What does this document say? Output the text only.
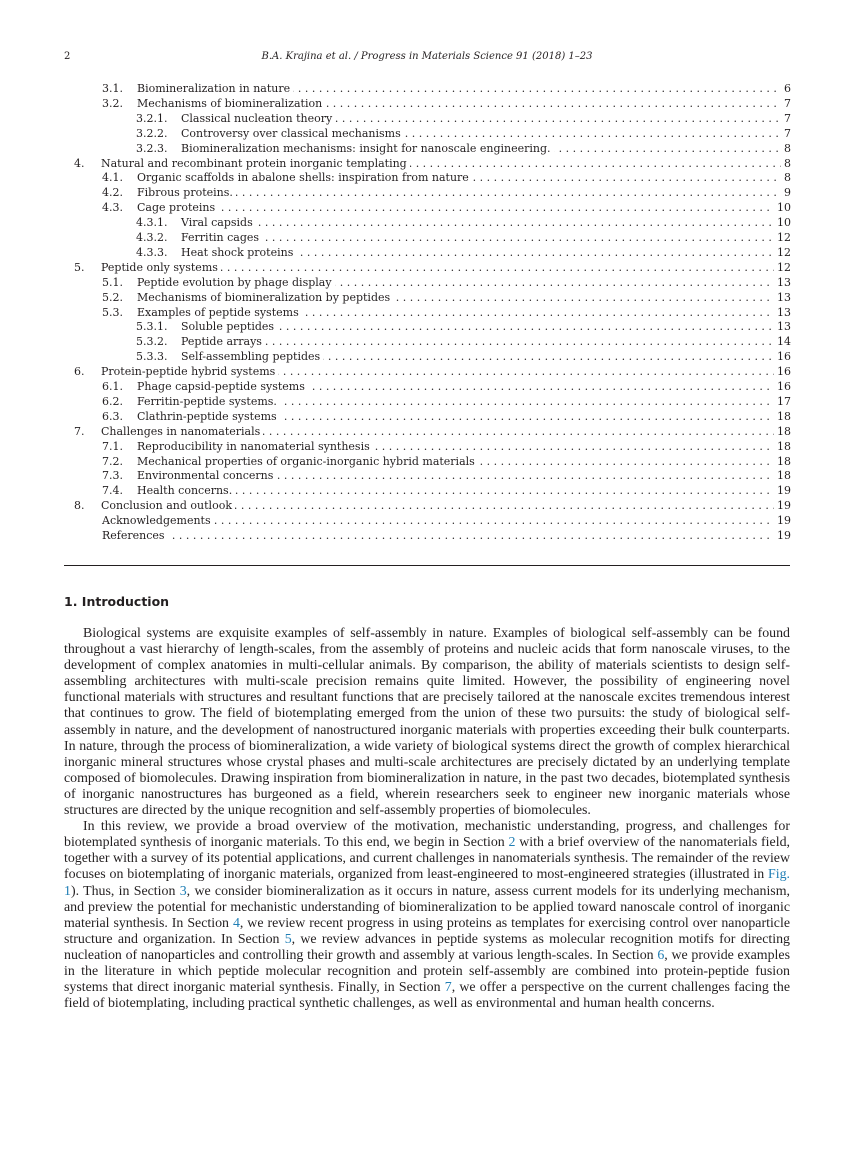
2	B.A. Krajina et al. / Progress in Materials Science 91 (2018) 1–23
. . .
3.1. Biomineralization in nature	6
. . .
3.2. Mechanisms of biomineralization	7
. . .
3.2.1. Classical nucleation theory	7
. . .
3.2.2. Controversy over classical mechanisms	7
. . .
3.2.3. Biomineralization mechanisms: insight for nanoscale engineering.	8
. . .
4. Natural and recombinant protein inorganic templating	8
. . .
4.1. Organic scaffolds in abalone shells: inspiration from nature	8
. . .
4.2. Fibrous proteins.	9
. . .
4.3. Cage proteins	10
. . .
4.3.1. Viral capsids	10
. . .
4.3.2. Ferritin cages	12
. . .
4.3.3. Heat shock proteins	12
. . .
5. Peptide only systems	12
. . .
5.1. Peptide evolution by phage display	13
. . .
5.2. Mechanisms of biomineralization by peptides	13
. . .
5.3. Examples of peptide systems	13
. . .
5.3.1. Soluble peptides	13
. . .
5.3.2. Peptide arrays	14
. . .
5.3.3. Self-assembling peptides	16
. . .
6. Protein-peptide hybrid systems	16
. . .
6.1. Phage capsid-peptide systems	16
. . .
6.2. Ferritin-peptide systems.	17
. . .
6.3. Clathrin-peptide systems	18
. . .
7. Challenges in nanomaterials	18
. . .
7.1. Reproducibility in nanomaterial synthesis	18
. . .
7.2. Mechanical properties of organic-inorganic hybrid materials	18
. . .
7.3. Environmental concerns	18
. . .
7.4. Health concerns.	19
. . .
8. Conclusion and outlook	19
. . .
Acknowledgements	19
. . .
References	19
1. Introduction

Biological systems are exquisite examples of self-assembly in nature. Examples of biological self-assembly can be found throughout a vast hierarchy of length-scales, from the assembly of proteins and nucleic acids that form nanoscale viruses, to the development of complex anatomies in multi-cellular animals. By comparison, the ability of materials scientists to design self-assembling architectures with multi-scale precision remains quite limited. However, the possibility of engineering novel functional materials with structures and resultant functions that are precisely tailored at the nanoscale excites tremendous interest that continues to grow. The field of biotemplating emerged from the union of these two pursuits: the study of biological self-assembly in nature, and the development of nanostructured inorganic materials with properties exceeding their bulk counterparts. In nature, through the process of biomineralization, a wide variety of biological systems direct the growth of complex hierarchical inorganic mineral structures whose crystal phases and multi-scale architectures are precisely dictated by an underlying template composed of biomolecules. Drawing inspiration from biomineralization in nature, in the past two decades, biotemplated synthesis of inorganic nanostructures has burgeoned as a field, wherein researchers seek to engineer new inorganic materials whose structures are directed by the unique recognition and self-assembly properties of biomolecules.

In this review, we provide a broad overview of the motivation, mechanistic understanding, progress, and challenges for biotemplated synthesis of inorganic materials. To this end, we begin in Section 2 with a brief overview of the nanomaterials field, together with a survey of its potential applications, and current challenges in nanomaterials synthesis. The remainder of the review focuses on biotemplating of inorganic materials, organized from least-engineered to most-engineered strategies (illustrated in Fig. 1). Thus, in Section 3, we consider biomineralization as it occurs in nature, assess current models for its underlying mechanism, and preview the potential for mechanistic understanding of biomineralization to be applied toward nanoscale control of inorganic material synthesis. In Section 4, we review recent progress in using proteins as templates for exercising control over nanoparticle structure and organization. In Section 5, we review advances in peptide systems as molecular recognition motifs for directing nucleation of nanoparticles and controlling their growth and assembly at various length-scales. In Section 6, we provide examples in the literature in which peptide molecular recognition and protein self-assembly are combined into protein-peptide fusion systems that direct inorganic material synthesis. Finally, in Section 7, we offer a perspective on the current challenges facing the field of biotemplating, including practical synthetic challenges, as well as environmental and human health concerns.
